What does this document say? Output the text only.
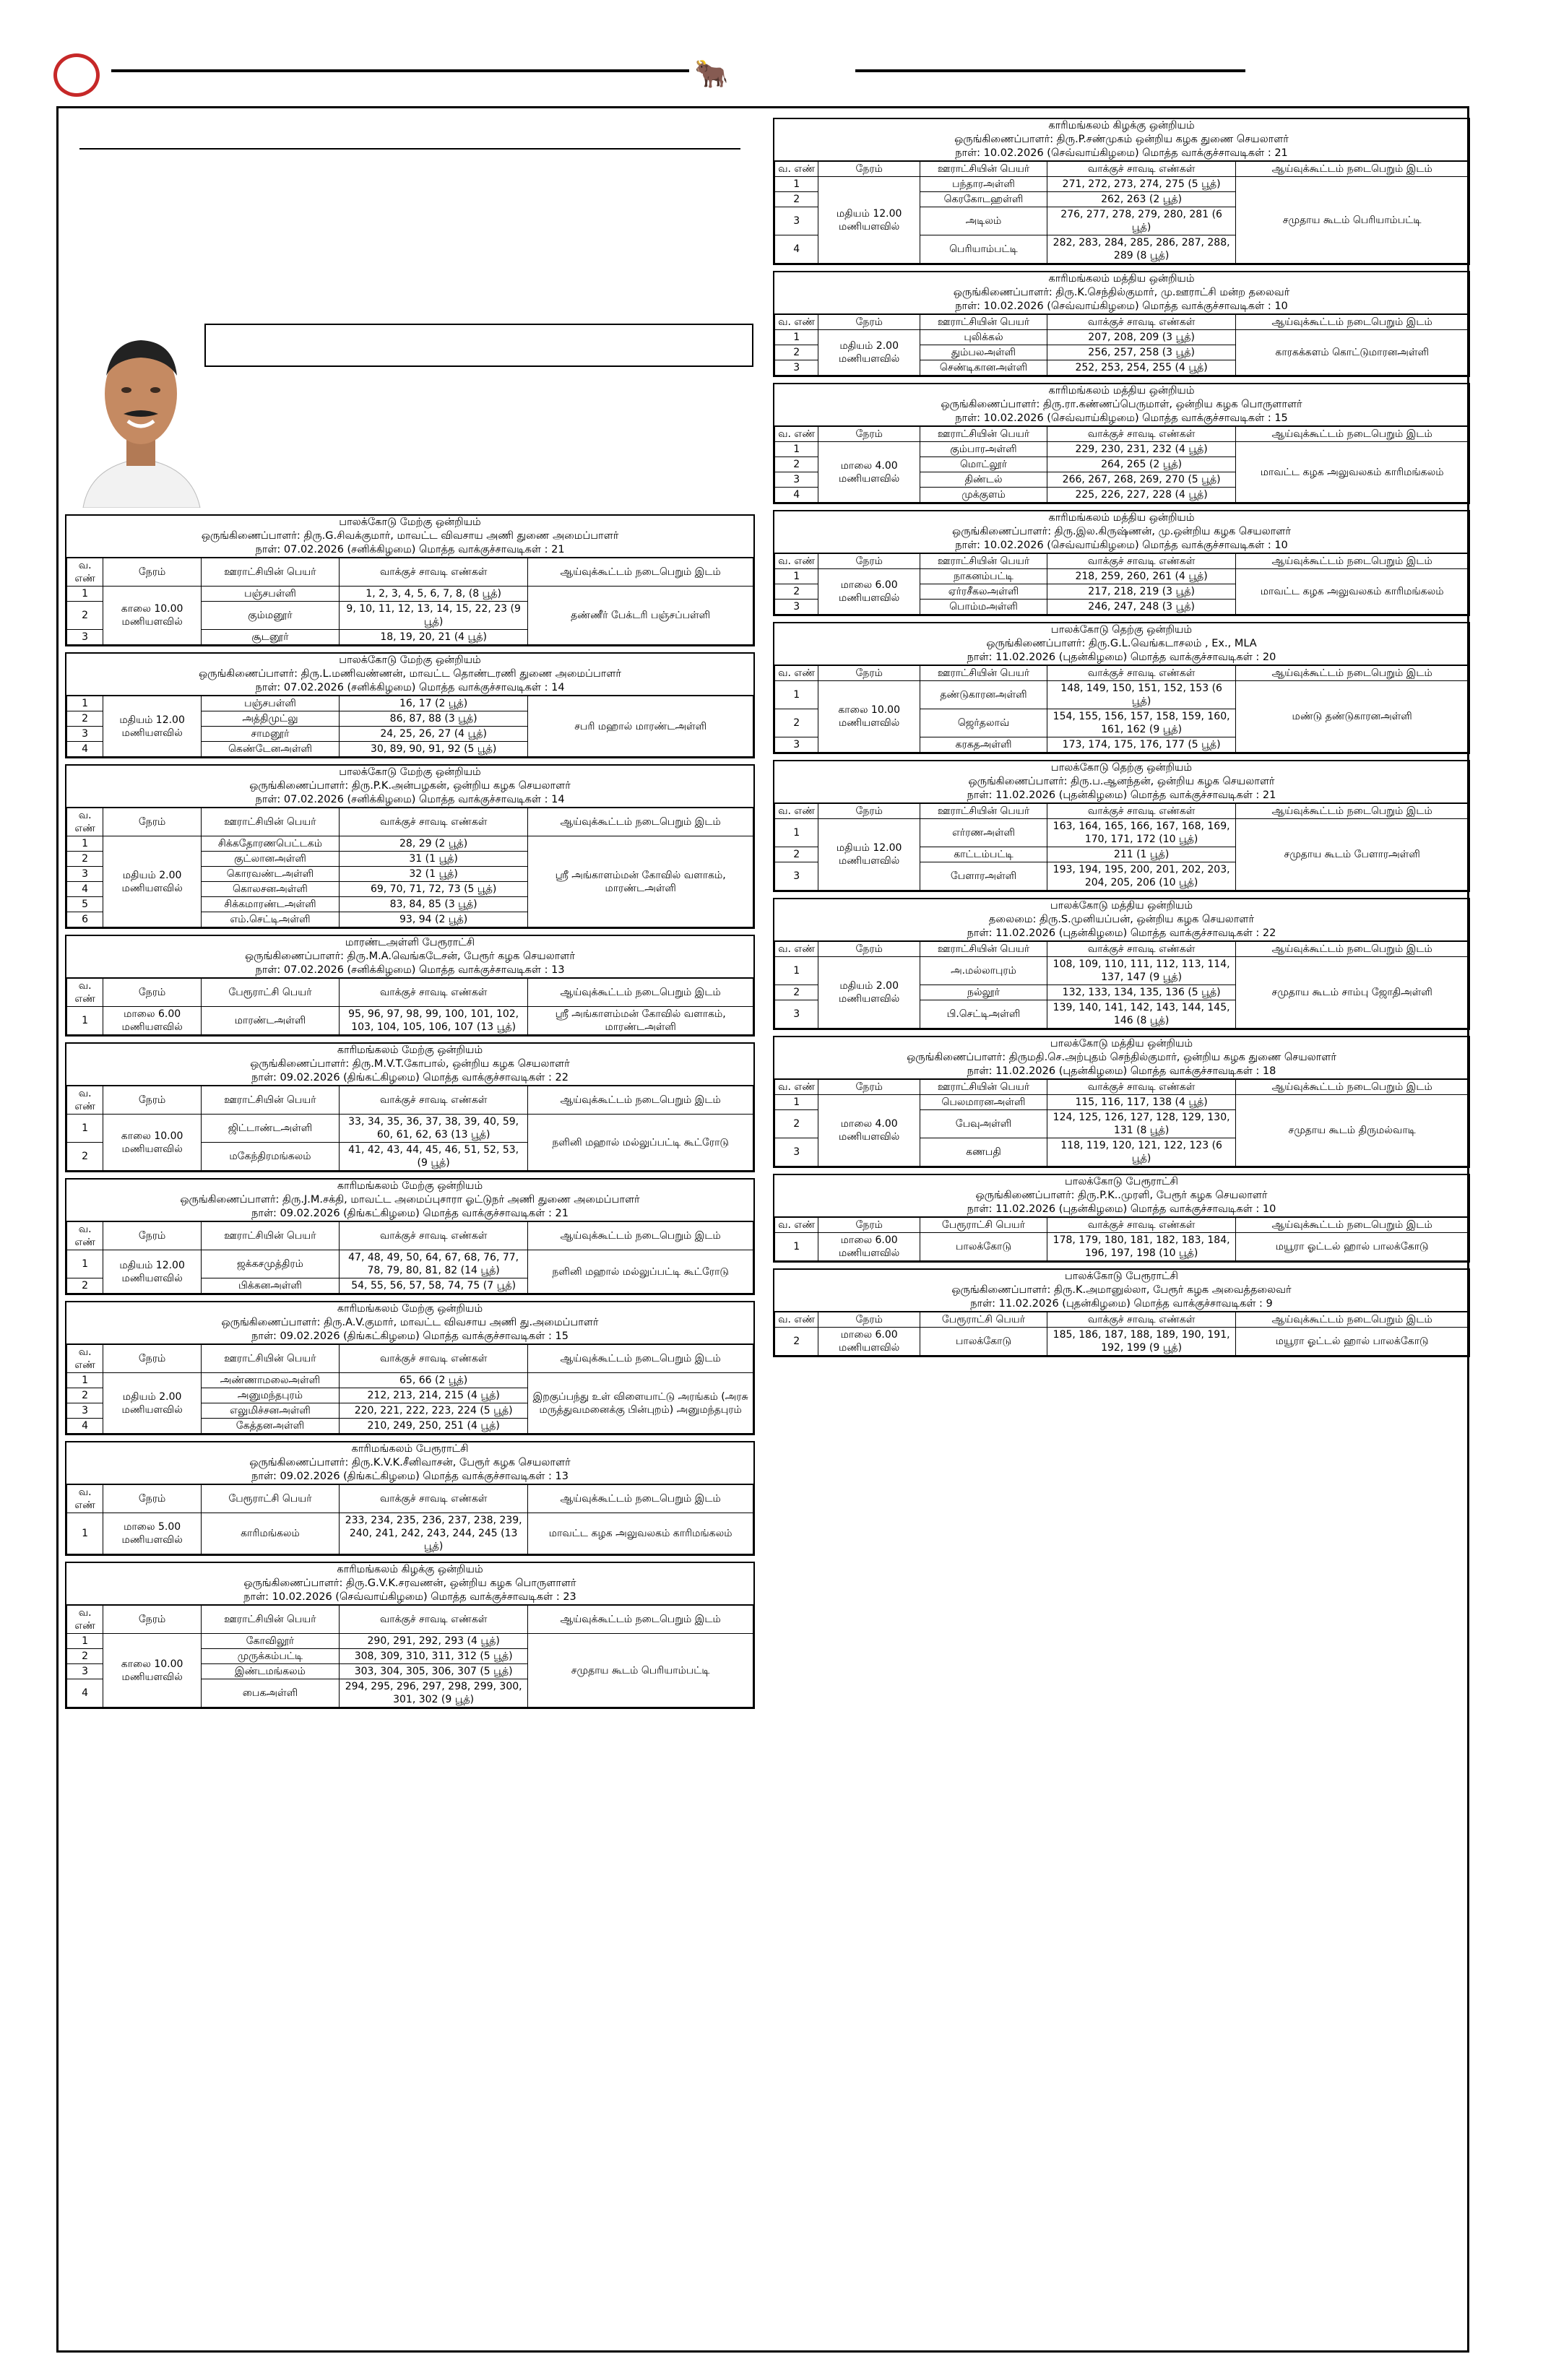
🐂
பாலக்கோடு மேற்கு ஒன்றியம்
ஒருங்கிணைப்பாளர்: திரு.G.சிவக்குமார், மாவட்ட விவசாய அணி துணை அமைப்பாளர்
நாள்: 07.02.2026 (சனிக்கிழமை) மொத்த வாக்குச்சாவடிகள் : 21
வ. எண்	நேரம்	ஊராட்சியின் பெயர்	வாக்குச் சாவடி எண்கள்	ஆய்வுக்கூட்டம் நடைபெறும் இடம்
1	காலை 10.00 மணியளவில்	பஞ்சபள்ளி	1, 2, 3, 4, 5, 6, 7, 8, (8 பூத்)	தண்ணீர் பேக்டரி பஞ்சப்பள்ளி
2		கும்மனூர்	9, 10, 11, 12, 13, 14, 15, 22, 23 (9 பூத்)	
3		சூடனூர்	18, 19, 20, 21 (4 பூத்)	
பாலக்கோடு மேற்கு ஒன்றியம்
ஒருங்கிணைப்பாளர்: திரு.L.மணிவண்ணன், மாவட்ட தொண்டரணி துணை அமைப்பாளர்
நாள்: 07.02.2026 (சனிக்கிழமை) மொத்த வாக்குச்சாவடிகள் : 14
1	மதியம் 12.00 மணியளவில்	பஞ்சபள்ளி	16, 17 (2 பூத்)	சபரி மஹால் மாரண்டஅள்ளி
2		அத்திமுட்லு	86, 87, 88 (3 பூத்)	
3		சாமனூர்	24, 25, 26, 27 (4 பூத்)	
4		கெண்டேனஅள்ளி	30, 89, 90, 91, 92 (5 பூத்)	
பாலக்கோடு மேற்கு ஒன்றியம்
ஒருங்கிணைப்பாளர்: திரு.P.K.அன்பழகன், ஒன்றிய கழக செயலாளர்
நாள்: 07.02.2026 (சனிக்கிழமை) மொத்த வாக்குச்சாவடிகள் : 14
வ. எண்	நேரம்	ஊராட்சியின் பெயர்	வாக்குச் சாவடி எண்கள்	ஆய்வுக்கூட்டம் நடைபெறும் இடம்
1	மதியம் 2.00 மணியளவில்	சிக்கதோரணபெட்டகம்	28, 29 (2 பூத்)	ஸ்ரீ அங்காளம்மன் கோவில் வளாகம், மாரண்டஅள்ளி
2		குட்லானஅள்ளி	31 (1 பூத்)	
3		கொரவண்டஅள்ளி	32 (1 பூத்)	
4		கொலசனஅள்ளி	69, 70, 71, 72, 73 (5 பூத்)	
5		சிக்கமாரண்டஅள்ளி	83, 84, 85 (3 பூத்)	
6		எம்.செட்டிஅள்ளி	93, 94 (2 பூத்)	
மாரண்டஅள்ளி பேரூராட்சி
ஒருங்கிணைப்பாளர்: திரு.M.A.வெங்கடேசன், பேரூர் கழக செயலாளர்
நாள்: 07.02.2026 (சனிக்கிழமை) மொத்த வாக்குச்சாவடிகள் : 13
வ. எண்	நேரம்	பேரூராட்சி பெயர்	வாக்குச் சாவடி எண்கள்	ஆய்வுக்கூட்டம் நடைபெறும் இடம்
1	மாலை 6.00 மணியளவில்	மாரண்டஅள்ளி	95, 96, 97, 98, 99, 100, 101, 102, 103, 104, 105, 106, 107 (13 பூத்)	ஸ்ரீ அங்காளம்மன் கோவில் வளாகம், மாரண்டஅள்ளி
காரிமங்கலம் மேற்கு ஒன்றியம்
ஒருங்கிணைப்பாளர்: திரு.M.V.T.கோபால், ஒன்றிய கழக செயலாளர்
நாள்: 09.02.2026 (திங்கட்கிழமை) மொத்த வாக்குச்சாவடிகள் : 22
வ. எண்	நேரம்	ஊராட்சியின் பெயர்	வாக்குச் சாவடி எண்கள்	ஆய்வுக்கூட்டம் நடைபெறும் இடம்
1	காலை 10.00 மணியளவில்	ஜிட்டாண்டஅள்ளி	33, 34, 35, 36, 37, 38, 39, 40, 59, 60, 61, 62, 63 (13 பூத்)	நளினி மஹால் மல்லுப்பட்டி கூட்ரோடு
2		மகேந்திரமங்கலம்	41, 42, 43, 44, 45, 46, 51, 52, 53, (9 பூத்)	
காரிமங்கலம் மேற்கு ஒன்றியம்
ஒருங்கிணைப்பாளர்: திரு.J.M.சக்தி, மாவட்ட அமைப்புசாரா ஓட்டுநர் அணி துணை அமைப்பாளர்
நாள்: 09.02.2026 (திங்கட்கிழமை) மொத்த வாக்குச்சாவடிகள் : 21
வ. எண்	நேரம்	ஊராட்சியின் பெயர்	வாக்குச் சாவடி எண்கள்	ஆய்வுக்கூட்டம் நடைபெறும் இடம்
1	மதியம் 12.00 மணியளவில்	ஜக்கசமுத்திரம்	47, 48, 49, 50, 64, 67, 68, 76, 77, 78, 79, 80, 81, 82 (14 பூத்)	நளினி மஹால் மல்லுப்பட்டி கூட்ரோடு
2		பிக்கனஅள்ளி	54, 55, 56, 57, 58, 74, 75 (7 பூத்)	
காரிமங்கலம் மேற்கு ஒன்றியம்
ஒருங்கிணைப்பாளர்: திரு.A.V.குமார், மாவட்ட விவசாய அணி து.அமைப்பாளர்
நாள்: 09.02.2026 (திங்கட்கிழமை) மொத்த வாக்குச்சாவடிகள் : 15
வ. எண்	நேரம்	ஊராட்சியின் பெயர்	வாக்குச் சாவடி எண்கள்	ஆய்வுக்கூட்டம் நடைபெறும் இடம்
1	மதியம் 2.00 மணியளவில்	அண்ணாமலைஅள்ளி	65, 66 (2 பூத்)	இறகுப்பந்து உள் விளையாட்டு அரங்கம் (அரசு மருத்துவமனைக்கு பின்புறம்) அனுமந்தபுரம்
2		அனுமந்தபுரம்	212, 213, 214, 215 (4 பூத்)	
3		எலுமிச்சனஅள்ளி	220, 221, 222, 223, 224 (5 பூத்)	
4		கேத்தனஅள்ளி	210, 249, 250, 251 (4 பூத்)	
காரிமங்கலம் பேரூராட்சி
ஒருங்கிணைப்பாளர்: திரு.K.V.K.சீனிவாசன், பேரூர் கழக செயலாளர்
நாள்: 09.02.2026 (திங்கட்கிழமை) மொத்த வாக்குச்சாவடிகள் : 13
வ. எண்	நேரம்	பேரூராட்சி பெயர்	வாக்குச் சாவடி எண்கள்	ஆய்வுக்கூட்டம் நடைபெறும் இடம்
1	மாலை 5.00 மணியளவில்	காரிமங்கலம்	233, 234, 235, 236, 237, 238, 239, 240, 241, 242, 243, 244, 245 (13 பூத்)	மாவட்ட கழக அலுவலகம் காரிமங்கலம்
காரிமங்கலம் கிழக்கு ஒன்றியம்
ஒருங்கிணைப்பாளர்: திரு.G.V.K.சரவணன், ஒன்றிய கழக பொருளாளர்
நாள்: 10.02.2026 (செவ்வாய்கிழமை) மொத்த வாக்குச்சாவடிகள் : 23
வ. எண்	நேரம்	ஊராட்சியின் பெயர்	வாக்குச் சாவடி எண்கள்	ஆய்வுக்கூட்டம் நடைபெறும் இடம்
1	காலை 10.00 மணியளவில்	கோவிலூர்	290, 291, 292, 293 (4 பூத்)	சமுதாய கூடம் பெரியாம்பட்டி
2		முருக்கம்பட்டி	308, 309, 310, 311, 312 (5 பூத்)	
3		இண்டமங்கலம்	303, 304, 305, 306, 307 (5 பூத்)	
4		பைகஅள்ளி	294, 295, 296, 297, 298, 299, 300, 301, 302 (9 பூத்)	
காரிமங்கலம் கிழக்கு ஒன்றியம்
ஒருங்கிணைப்பாளர்: திரு.P.சண்முகம் ஒன்றிய கழக துணை செயலாளர்
நாள்: 10.02.2026 (செவ்வாய்கிழமை) மொத்த வாக்குச்சாவடிகள் : 21
வ. எண்	நேரம்	ஊராட்சியின் பெயர்	வாக்குச் சாவடி எண்கள்	ஆய்வுக்கூட்டம் நடைபெறும் இடம்
1	மதியம் 12.00 மணியளவில்	பந்தாரஅள்ளி	271, 272, 273, 274, 275 (5 பூத்)	சமுதாய கூடம் பெரியாம்பட்டி
2		கெரகோடஹள்ளி	262, 263 (2 பூத்)	
3		அடிலம்	276, 277, 278, 279, 280, 281 (6 பூத்)	
4		பெரியாம்பட்டி	282, 283, 284, 285, 286, 287, 288, 289 (8 பூத்)	
காரிமங்கலம் மத்திய ஒன்றியம்
ஒருங்கிணைப்பாளர்: திரு.K.செந்தில்குமார், மு.ஊராட்சி மன்ற தலைவர்
நாள்: 10.02.2026 (செவ்வாய்கிழமை) மொத்த வாக்குச்சாவடிகள் : 10
வ. எண்	நேரம்	ஊராட்சியின் பெயர்	வாக்குச் சாவடி எண்கள்	ஆய்வுக்கூட்டம் நடைபெறும் இடம்
1	மதியம் 2.00 மணியளவில்	புலிக்கல்	207, 208, 209 (3 பூத்)	காரகக்களம் கொட்டுமாரனஅள்ளி
2		தும்பலஅள்ளி	256, 257, 258 (3 பூத்)	
3		செண்டிகானஅள்ளி	252, 253, 254, 255 (4 பூத்)	
காரிமங்கலம் மத்திய ஒன்றியம்
ஒருங்கிணைப்பாளர்: திரு.ரா.கண்ணப்பெருமாள், ஒன்றிய கழக பொருளாளர்
நாள்: 10.02.2026 (செவ்வாய்கிழமை) மொத்த வாக்குச்சாவடிகள் : 15
வ. எண்	நேரம்	ஊராட்சியின் பெயர்	வாக்குச் சாவடி எண்கள்	ஆய்வுக்கூட்டம் நடைபெறும் இடம்
1	மாலை 4.00 மணியளவில்	கும்பாரஅள்ளி	229, 230, 231, 232 (4 பூத்)	மாவட்ட கழக அலுவலகம் காரிமங்கலம்
2		மொட்லூர்	264, 265 (2 பூத்)	
3		திண்டல்	266, 267, 268, 269, 270 (5 பூத்)	
4		முக்குளம்	225, 226, 227, 228 (4 பூத்)	
காரிமங்கலம் மத்திய ஒன்றியம்
ஒருங்கிணைப்பாளர்: திரு.இல.கிருஷ்ணன், மு.ஒன்றிய கழக செயலாளர்
நாள்: 10.02.2026 (செவ்வாய்கிழமை) மொத்த வாக்குச்சாவடிகள் : 10
வ. எண்	நேரம்	ஊராட்சியின் பெயர்	வாக்குச் சாவடி எண்கள்	ஆய்வுக்கூட்டம் நடைபெறும் இடம்
1	மாலை 6.00 மணியளவில்	நாகனம்பட்டி	218, 259, 260, 261 (4 பூத்)	மாவட்ட கழக அலுவலகம் காரிமங்கலம்
2		ஏர்ரசீகலஅள்ளி	217, 218, 219 (3 பூத்)	
3		பொம்மஅள்ளி	246, 247, 248 (3 பூத்)	
பாலக்கோடு தெற்கு ஒன்றியம்
ஒருங்கிணைப்பாளர்: திரு.G.L.வெங்கடாசலம் , Ex., MLA
நாள்: 11.02.2026 (புதன்கிழமை) மொத்த வாக்குச்சாவடிகள் : 20
வ. எண்	நேரம்	ஊராட்சியின் பெயர்	வாக்குச் சாவடி எண்கள்	ஆய்வுக்கூட்டம் நடைபெறும் இடம்
1	காலை 10.00 மணியளவில்	தண்டுகாரனஅள்ளி	148, 149, 150, 151, 152, 153 (6 பூத்)	மண்டு தண்டுகாரனஅள்ளி
2		ஜெர்தலாவ்	154, 155, 156, 157, 158, 159, 160, 161, 162 (9 பூத்)	
3		கரகதஅள்ளி	173, 174, 175, 176, 177 (5 பூத்)	
பாலக்கோடு தெற்கு ஒன்றியம்
ஒருங்கிணைப்பாளர்: திரு.ப.ஆனந்தன், ஒன்றிய கழக செயலாளர்
நாள்: 11.02.2026 (புதன்கிழமை) மொத்த வாக்குச்சாவடிகள் : 21
வ. எண்	நேரம்	ஊராட்சியின் பெயர்	வாக்குச் சாவடி எண்கள்	ஆய்வுக்கூட்டம் நடைபெறும் இடம்
1	மதியம் 12.00 மணியளவில்	எர்ரணஅள்ளி	163, 164, 165, 166, 167, 168, 169, 170, 171, 172 (10 பூத்)	சமுதாய கூடம் பேளாரஅள்ளி
2		காட்டம்பட்டி	211 (1 பூத்)	
3		பேளாரஅள்ளி	193, 194, 195, 200, 201, 202, 203, 204, 205, 206 (10 பூத்)	
பாலக்கோடு மத்திய ஒன்றியம்
தலைமை: திரு.S.முனியப்பன், ஒன்றிய கழக செயலாளர்
நாள்: 11.02.2026 (புதன்கிழமை) மொத்த வாக்குச்சாவடிகள் : 22
வ. எண்	நேரம்	ஊராட்சியின் பெயர்	வாக்குச் சாவடி எண்கள்	ஆய்வுக்கூட்டம் நடைபெறும் இடம்
1	மதியம் 2.00 மணியளவில்	அ.மல்லாபுரம்	108, 109, 110, 111, 112, 113, 114, 137, 147 (9 பூத்)	சமுதாய கூடம் சாம்பு ஜோதிஅள்ளி
2		நல்லூர்	132, 133, 134, 135, 136 (5 பூத்)	
3		பி.செட்டிஅள்ளி	139, 140, 141, 142, 143, 144, 145, 146 (8 பூத்)	
பாலக்கோடு மத்திய ஒன்றியம்
ஒருங்கிணைப்பாளர்: திருமதி.செ.அற்புதம் செந்தில்குமார், ஒன்றிய கழக துணை செயலாளர்
நாள்: 11.02.2026 (புதன்கிழமை) மொத்த வாக்குச்சாவடிகள் : 18
வ. எண்	நேரம்	ஊராட்சியின் பெயர்	வாக்குச் சாவடி எண்கள்	ஆய்வுக்கூட்டம் நடைபெறும் இடம்
1	மாலை 4.00 மணியளவில்	பெலமாரனஅள்ளி	115, 116, 117, 138 (4 பூத்)	சமுதாய கூடம் திருமல்வாடி
2		பேவுஅள்ளி	124, 125, 126, 127, 128, 129, 130, 131 (8 பூத்)	
3		கணபதி	118, 119, 120, 121, 122, 123 (6 பூத்)	
பாலக்கோடு பேரூராட்சி
ஒருங்கிணைப்பாளர்: திரு.P.K..முரளி, பேரூர் கழக செயலாளர்
நாள்: 11.02.2026 (புதன்கிழமை) மொத்த வாக்குச்சாவடிகள் : 10
வ. எண்	நேரம்	பேரூராட்சி பெயர்	வாக்குச் சாவடி எண்கள்	ஆய்வுக்கூட்டம் நடைபெறும் இடம்
1	மாலை 6.00 மணியளவில்	பாலக்கோடு	178, 179, 180, 181, 182, 183, 184, 196, 197, 198 (10 பூத்)	மயூரா ஓட்டல் ஹால் பாலக்கோடு
பாலக்கோடு பேரூராட்சி
ஒருங்கிணைப்பாளர்: திரு.K.அமானுல்லா, பேரூர் கழக அவைத்தலைவர்
நாள்: 11.02.2026 (புதன்கிழமை) மொத்த வாக்குச்சாவடிகள் : 9
வ. எண்	நேரம்	பேரூராட்சி பெயர்	வாக்குச் சாவடி எண்கள்	ஆய்வுக்கூட்டம் நடைபெறும் இடம்
2	மாலை 6.00 மணியளவில்	பாலக்கோடு	185, 186, 187, 188, 189, 190, 191, 192, 199 (9 பூத்)	மயூரா ஓட்டல் ஹால் பாலக்கோடு
